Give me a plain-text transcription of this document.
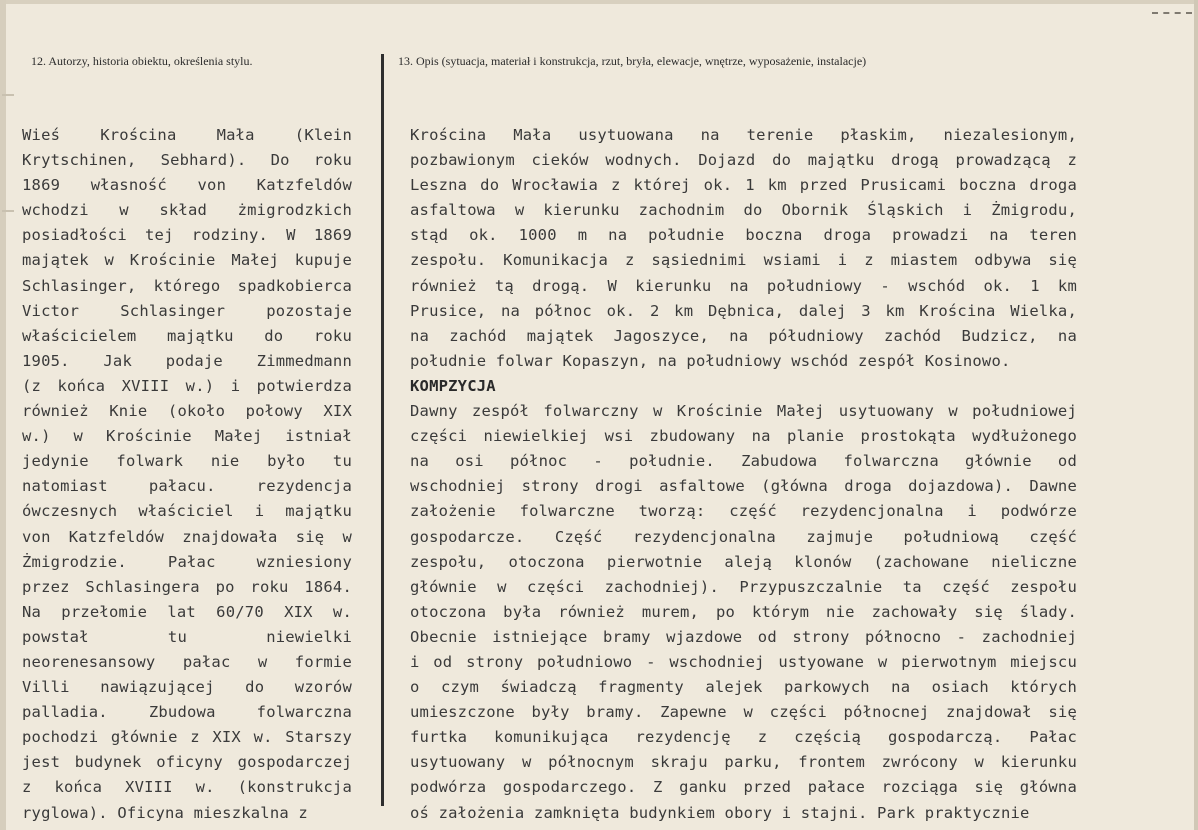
12. Autorzy, historia obiektu, określenia stylu.	13. Opis (sytuacja, materiał i konstrukcja, rzut, bryła, elewacje, wnętrze, wyposażenie, instalacje)
Wieś Krościna Mała (Klein
Krytschinen, Sebhard). Do roku
1869 własność von Katzfeldów
wchodzi w skład żmigrodzkich
posiadłości tej rodziny. W 1869
majątek w Krościnie Małej kupuje
Schlasinger, którego spadkobierca
Victor Schlasinger pozostaje
właścicielem majątku do roku
1905. Jak podaje Zimmedmann
(z końca XVIII w.) i potwierdza
również Knie (około połowy XIX
w.) w Krościnie Małej istniał
jedynie folwark nie było tu
natomiast pałacu. rezydencja
ówczesnych właściciel i majątku
von Katzfeldów znajdowała się w
Żmigrodzie. Pałac wzniesiony
przez Schlasingera po roku 1864.
Na przełomie lat 60/70 XIX w.
powstał tu niewielki
neorenesansowy pałac w formie
Villi nawiązującej do wzorów
palladia. Zbudowa folwarczna
pochodzi głównie z XIX w. Starszy
jest budynek oficyny gospodarczej
z końca XVIII w. (konstrukcja
ryglowa). Oficyna mieszkalna z
Krościna Mała usytuowana na terenie płaskim, niezalesionym,
pozbawionym cieków wodnych. Dojazd do majątku drogą prowadzącą z
Leszna do Wrocławia z której ok. 1 km przed Prusicami boczna droga
asfaltowa w kierunku zachodnim do Obornik Śląskich i Żmigrodu,
stąd ok. 1000 m na południe boczna droga prowadzi na teren
zespołu. Komunikacja z sąsiednimi wsiami i z miastem odbywa się
również tą drogą. W kierunku na południowy - wschód ok. 1 km
Prusice, na północ ok. 2 km Dębnica, dalej 3 km Krościna Wielka,
na zachód majątek Jagoszyce, na półudniowy zachód Budzicz, na
południe folwar Kopaszyn, na południowy wschód zespół Kosinowo.
KOMPZYCJA
Dawny zespół folwarczny w Krościnie Małej usytuowany w południowej
części niewielkiej wsi zbudowany na planie prostokąta wydłużonego
na osi północ - południe. Zabudowa folwarczna głównie od
wschodniej strony drogi asfaltowe (główna droga dojazdowa). Dawne
założenie folwarczne tworzą: część rezydencjonalna i podwórze
gospodarcze. Część rezydencjonalna zajmuje południową część
zespołu, otoczona pierwotnie aleją klonów (zachowane nieliczne
głównie w części zachodniej). Przypuszczalnie ta część zespołu
otoczona była również murem, po którym nie zachowały się ślady.
Obecnie istniejące bramy wjazdowe od strony północno - zachodniej
i od strony południowo - wschodniej ustyowane w pierwotnym miejscu
o czym świadczą fragmenty alejek parkowych na osiach których
umieszczone były bramy. Zapewne w części północnej znajdował się
furtka komunikująca rezydencję z częścią gospodarczą. Pałac
usytuowany w północnym skraju parku, frontem zwrócony w kierunku
podwórza gospodarczego. Z ganku przed pałace rozciąga się główna
oś założenia zamknięta budynkiem obory i stajni. Park praktycznie
